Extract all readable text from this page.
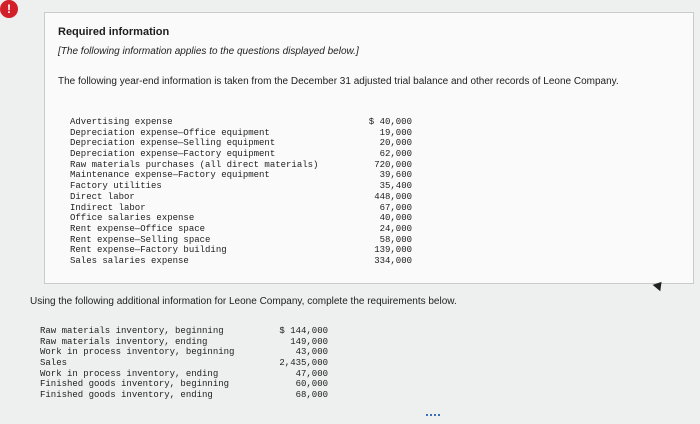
!
Required information
[The following information applies to the questions displayed below.]
The following year-end information is taken from the December 31 adjusted trial balance and other records of Leone Company.
Advertising expense	$ 40,000
Depreciation expense—Office equipment	19,000
Depreciation expense—Selling equipment	20,000
Depreciation expense—Factory equipment	62,000
Raw materials purchases (all direct materials)	720,000
Maintenance expense—Factory equipment	39,600
Factory utilities	35,400
Direct labor	448,000
Indirect labor	67,000
Office salaries expense	40,000
Rent expense—Office space	24,000
Rent expense—Selling space	58,000
Rent expense—Factory building	139,000
Sales salaries expense	334,000
Using the following additional information for Leone Company, complete the requirements below.
Raw materials inventory, beginning	$ 144,000
Raw materials inventory, ending	149,000
Work in process inventory, beginning	43,000
Sales	2,435,000
Work in process inventory, ending	47,000
Finished goods inventory, beginning	60,000
Finished goods inventory, ending	68,000
